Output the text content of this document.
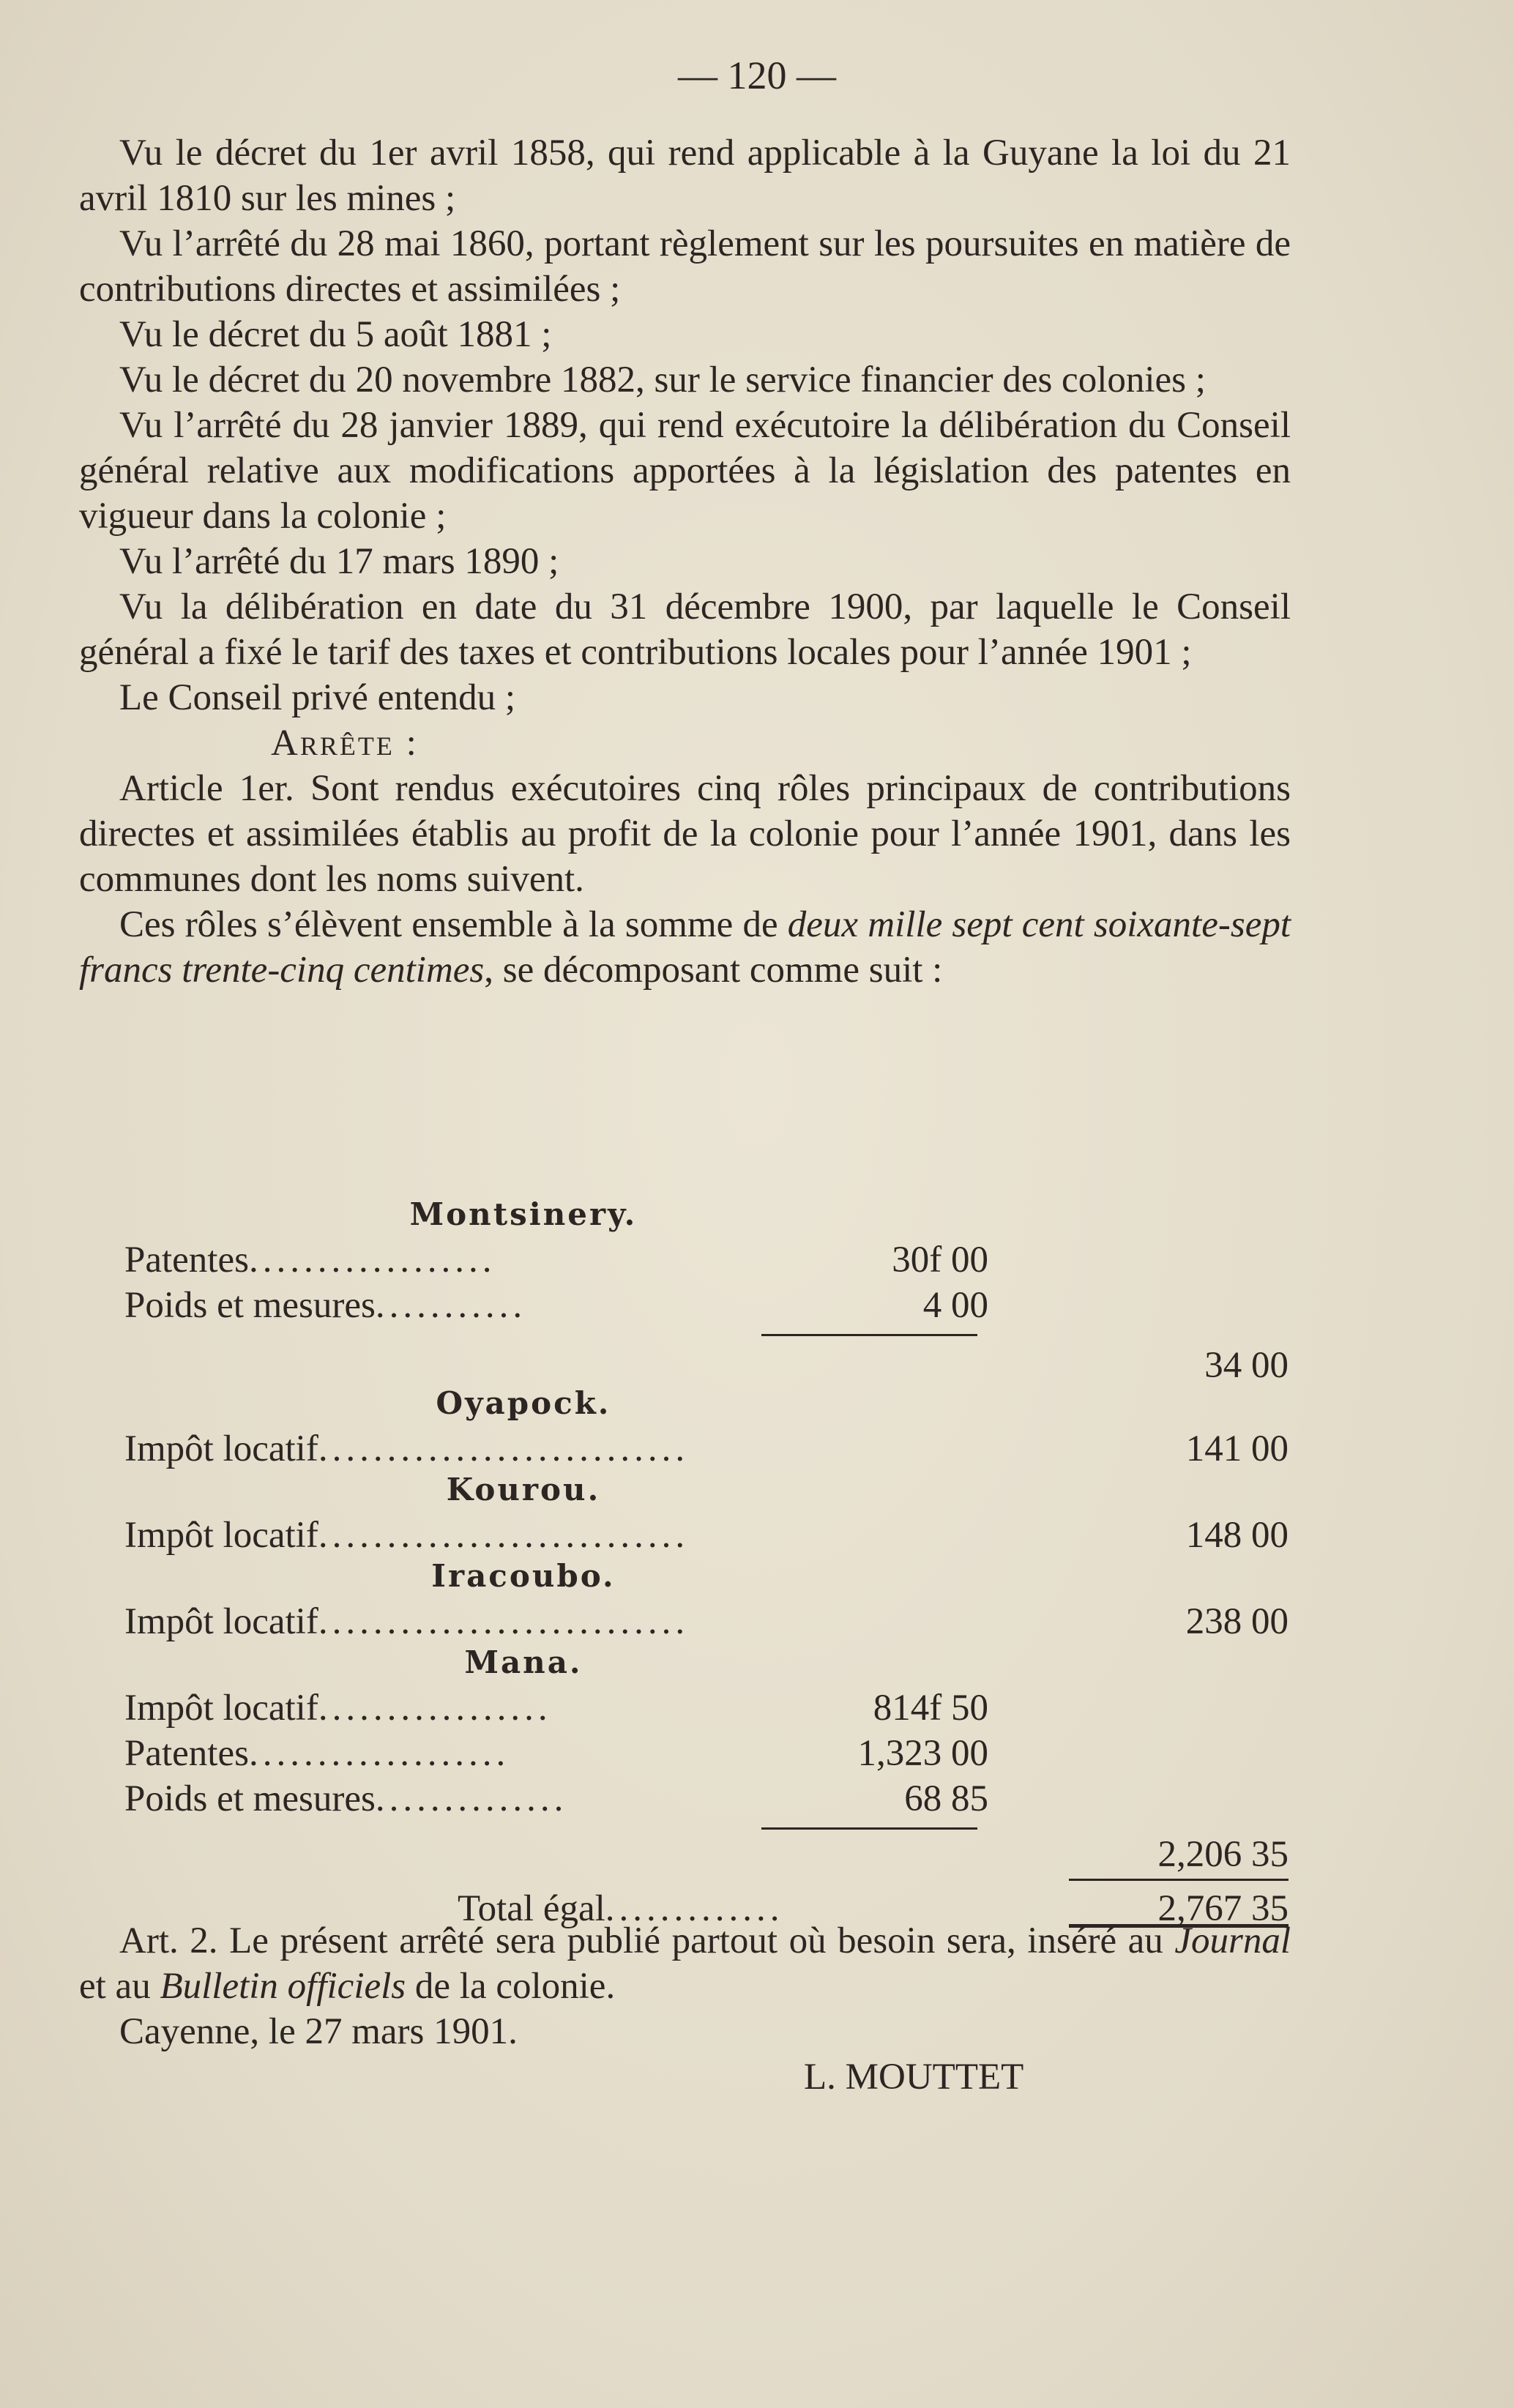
— 120 —

Vu le décret du 1er avril 1858, qui rend applicable à la Guyane la loi du 21 avril 1810 sur les mines ;

Vu l’arrêté du 28 mai 1860, portant règlement sur les poursuites en matière de contributions directes et assimilées ;

Vu le décret du 5 août 1881 ;

Vu le décret du 20 novembre 1882, sur le service financier des colonies ;

Vu l’arrêté du 28 janvier 1889, qui rend exécutoire la délibération du Conseil général relative aux modifications apportées à la législation des patentes en vigueur dans la colonie ;

Vu l’arrêté du 17 mars 1890 ;

Vu la délibération en date du 31 décembre 1900, par laquelle le Conseil général a fixé le tarif des taxes et contributions locales pour l’année 1901 ;

Le Conseil privé entendu ;

Arrête :

Article 1er. Sont rendus exécutoires cinq rôles principaux de contributions directes et assimilées établis au profit de la colonie pour l’année 1901, dans les communes dont les noms suivent.

Ces rôles s’élèvent ensemble à la somme de deux mille sept cent soixante-sept francs trente-cinq centimes, se décomposant comme suit :

Montsinery.
Patentes..................	30f 00
Poids et mesures...........	4 00
34 00
Oyapock.
Impôt locatif...........................	141 00
Kourou.
Impôt locatif...........................	148 00
Iracoubo.
Impôt locatif...........................	238 00
Mana.
Impôt locatif.................	814f 50
Patentes...................	1,323 00
Poids et mesures..............	68 85
2,206 35
Total égal.............	2,767 35

Art. 2. Le présent arrêté sera publié partout où besoin sera, inséré au Journal et au Bulletin officiels de la colonie.

Cayenne, le 27 mars 1901.

L. MOUTTET
